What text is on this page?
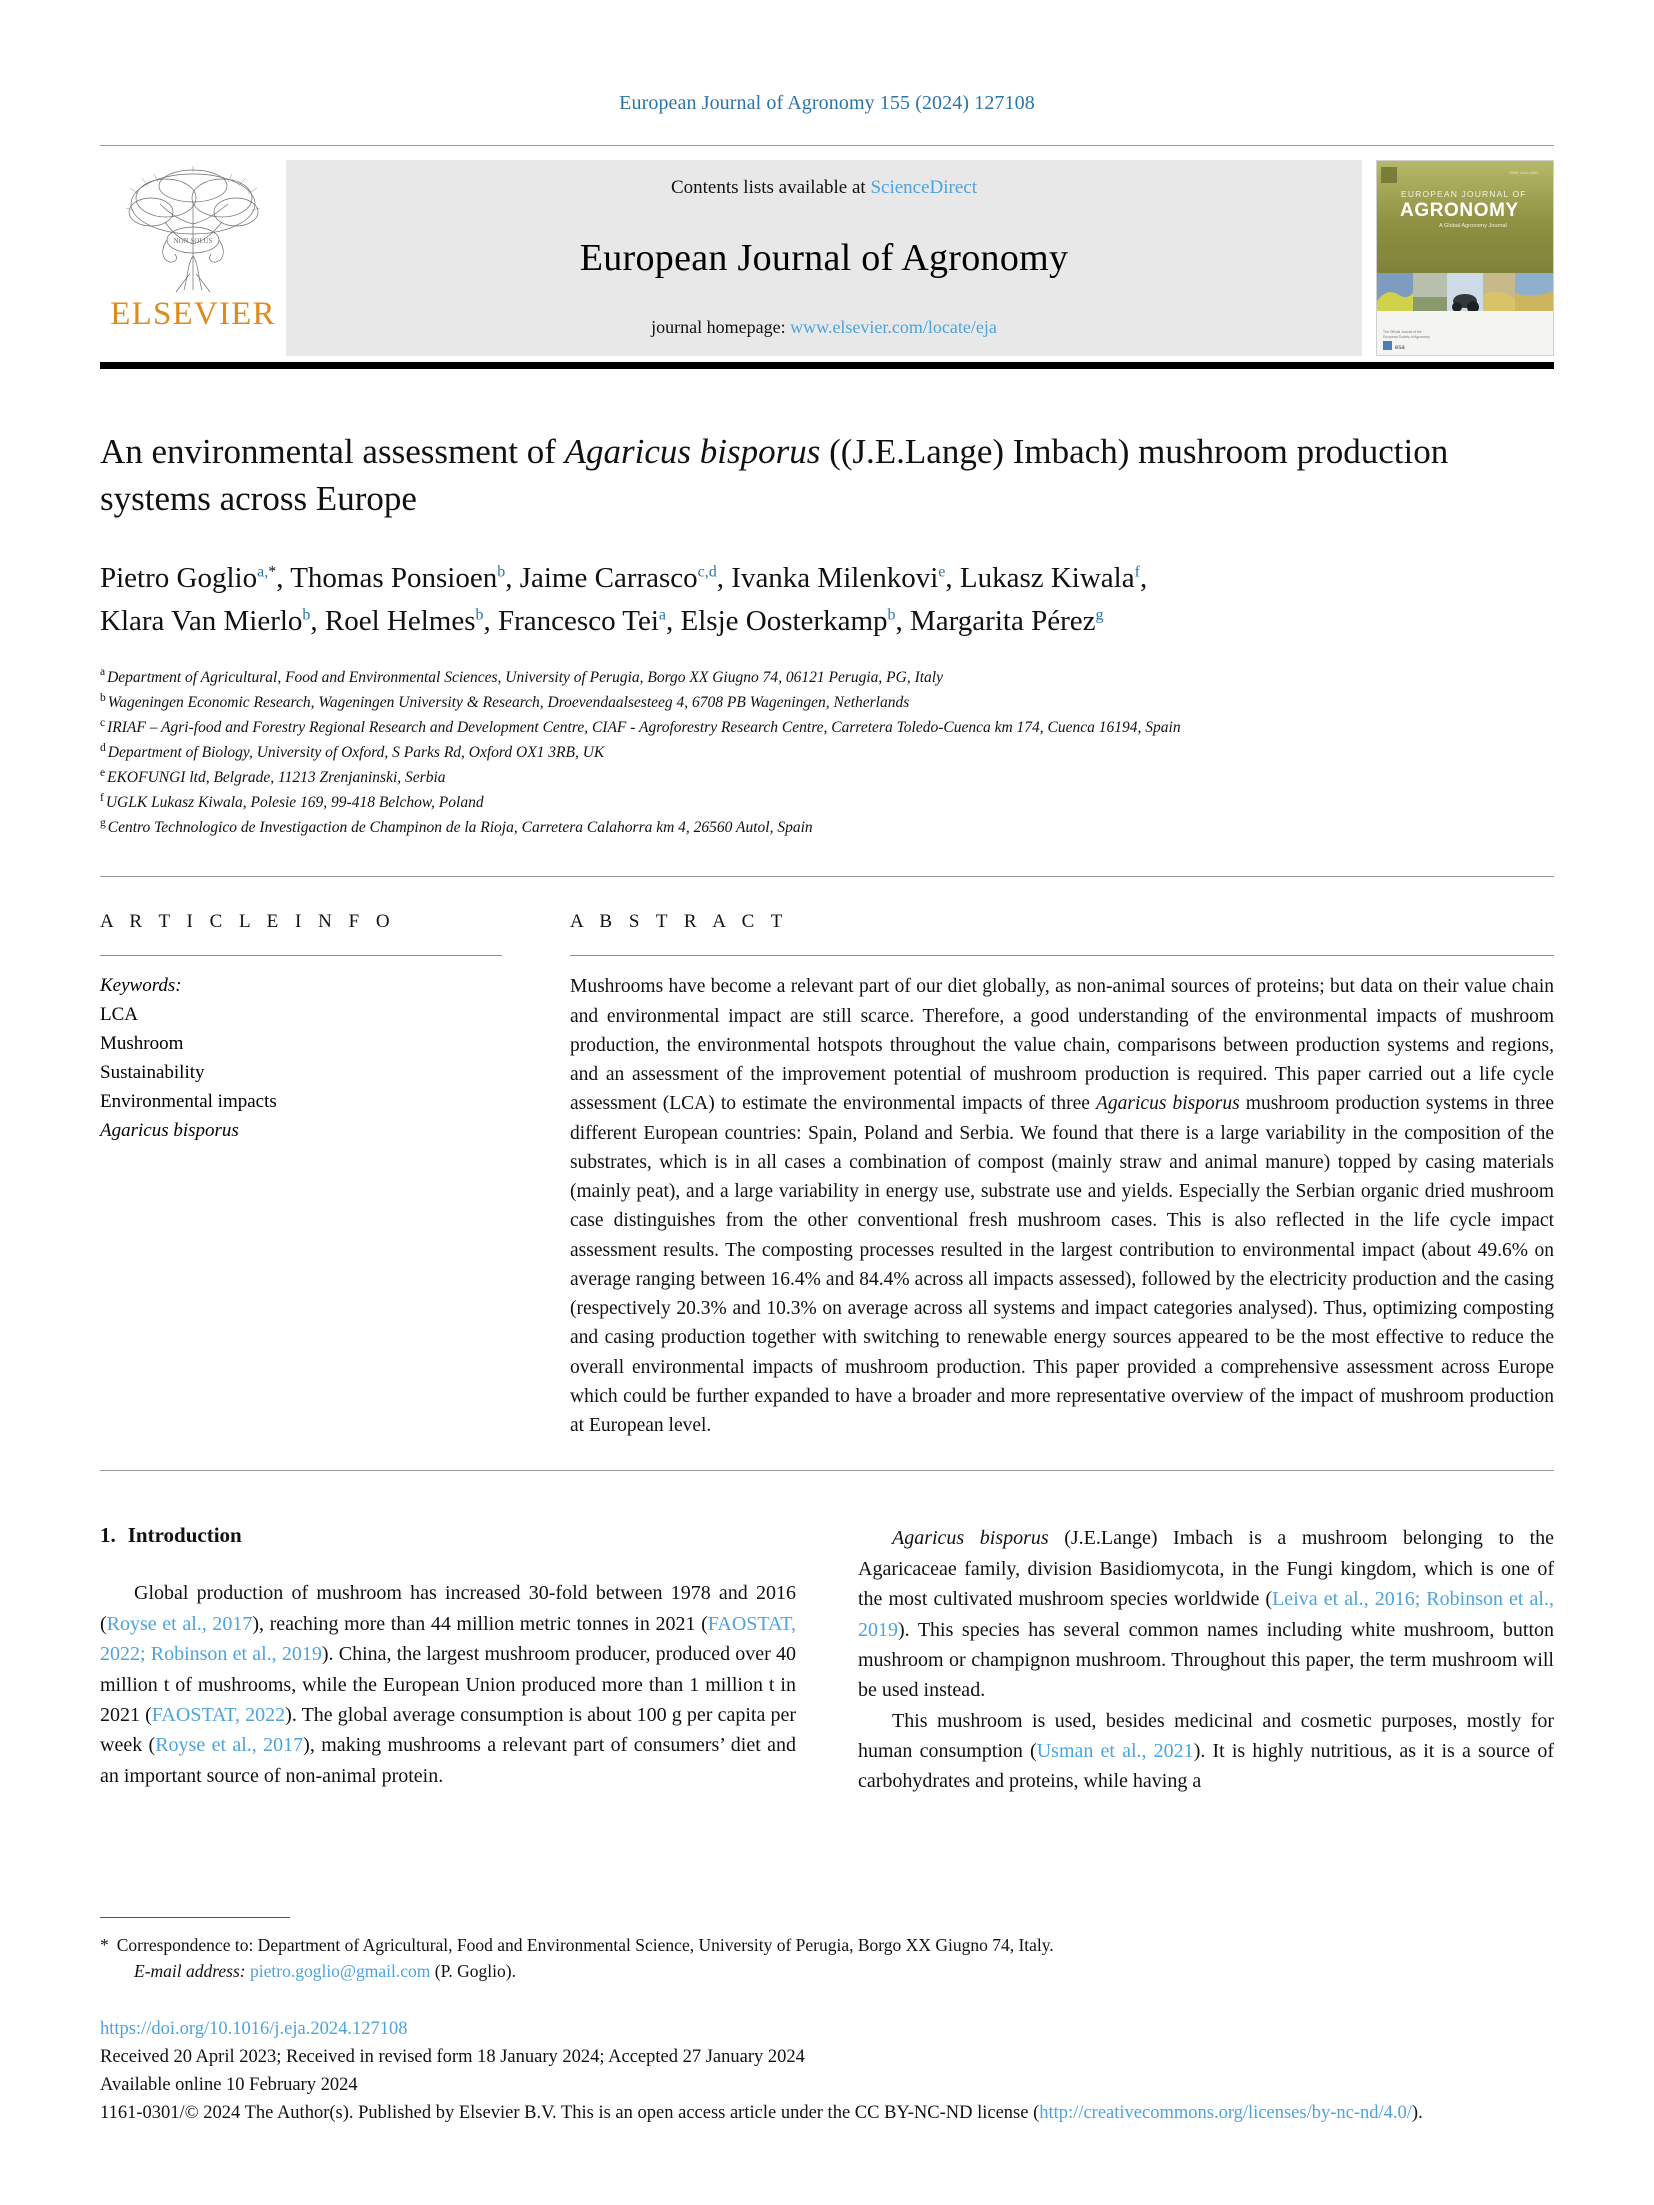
European Journal of Agronomy 155 (2024) 127108
NON SOLUS
ELSEVIER
Contents lists available at ScienceDirect
European Journal of Agronomy
journal homepage: www.elsevier.com/locate/eja
ISSN 1161-0301
EUROPEAN JOURNAL OF
AGRONOMY
A Global Agronomy Journal
The Official Journal of the
European Society of Agronomy
esa
An environmental assessment of Agaricus bisporus ((J.E.Lange) Imbach) mushroom production systems across Europe
Pietro Goglio$^{a,*}$, Thomas Ponsioen$^b$, Jaime Carrasco$^{c,d}$, Ivanka Milenkovi$^e$, Lukasz Kiwala$^f$,
Klara Van Mierlo$^b$, Roel Helmes$^b$, Francesco Tei$^a$, Elsje Oosterkamp$^b$, Margarita Pérez$^g$
$^a$ Department of Agricultural, Food and Environmental Sciences, University of Perugia, Borgo XX Giugno 74, 06121 Perugia, PG, Italy
$^b$ Wageningen Economic Research, Wageningen University & Research, Droevendaalsesteeg 4, 6708 PB Wageningen, Netherlands
$^c$ IRIAF – Agri-food and Forestry Regional Research and Development Centre, CIAF - Agroforestry Research Centre, Carretera Toledo-Cuenca km 174, Cuenca 16194, Spain
$^d$ Department of Biology, University of Oxford, S Parks Rd, Oxford OX1 3RB, UK
$^e$ EKOFUNGI ltd, Belgrade, 11213 Zrenjaninski, Serbia
$^f$ UGLK Lukasz Kiwala, Polesie 169, 99-418 Belchow, Poland
$^g$ Centro Technologico de Investigaction de Champinon de la Rioja, Carretera Calahorra km 4, 26560 Autol, Spain
A R T I C L E I N F O
Keywords:
LCA
Mushroom
Sustainability
Environmental impacts
Agaricus bisporus
A B S T R A C T
Mushrooms have become a relevant part of our diet globally, as non-animal sources of proteins; but data on their value chain and environmental impact are still scarce. Therefore, a good understanding of the environmental impacts of mushroom production, the environmental hotspots throughout the value chain, comparisons between production systems and regions, and an assessment of the improvement potential of mushroom production is required. This paper carried out a life cycle assessment (LCA) to estimate the environmental impacts of three Agaricus bisporus mushroom production systems in three different European countries: Spain, Poland and Serbia. We found that there is a large variability in the composition of the substrates, which is in all cases a combination of compost (mainly straw and animal manure) topped by casing materials (mainly peat), and a large variability in energy use, substrate use and yields. Especially the Serbian organic dried mushroom case distinguishes from the other conventional fresh mushroom cases. This is also reflected in the life cycle impact assessment results. The composting processes resulted in the largest contribution to environmental impact (about 49.6% on average ranging between 16.4% and 84.4% across all impacts assessed), followed by the electricity production and the casing (respectively 20.3% and 10.3% on average across all systems and impact categories analysed). Thus, optimizing composting and casing production together with switching to renewable energy sources appeared to be the most effective to reduce the overall environmental impacts of mushroom production. This paper provided a comprehensive assessment across Europe which could be further expanded to have a broader and more representative overview of the impact of mushroom production at European level.
1. Introduction

Global production of mushroom has increased 30-fold between 1978 and 2016 (Royse et al., 2017), reaching more than 44 million metric tonnes in 2021 (FAOSTAT, 2022; Robinson et al., 2019). China, the largest mushroom producer, produced over 40 million t of mushrooms, while the European Union produced more than 1 million t in 2021 (FAOSTAT, 2022). The global average consumption is about 100 g per capita per week (Royse et al., 2017), making mushrooms a relevant part of consumers’ diet and an important source of non-animal protein.

Agaricus bisporus (J.E.Lange) Imbach is a mushroom belonging to the Agaricaceae family, division Basidiomycota, in the Fungi kingdom, which is one of the most cultivated mushroom species worldwide (Leiva et al., 2016; Robinson et al., 2019). This species has several common names including white mushroom, button mushroom or champignon mushroom. Throughout this paper, the term mushroom will be used instead.

This mushroom is used, besides medicinal and cosmetic purposes, mostly for human consumption (Usman et al., 2021). It is highly nutritious, as it is a source of carbohydrates and proteins, while having a

* Correspondence to: Department of Agricultural, Food and Environmental Science, University of Perugia, Borgo XX Giugno 74, Italy.
E-mail address: pietro.goglio@gmail.com (P. Goglio).
https://doi.org/10.1016/j.eja.2024.127108
Received 20 April 2023; Received in revised form 18 January 2024; Accepted 27 January 2024
Available online 10 February 2024
1161-0301/© 2024 The Author(s). Published by Elsevier B.V. This is an open access article under the CC BY-NC-ND license (http://creativecommons.org/licenses/by-nc-nd/4.0/).
